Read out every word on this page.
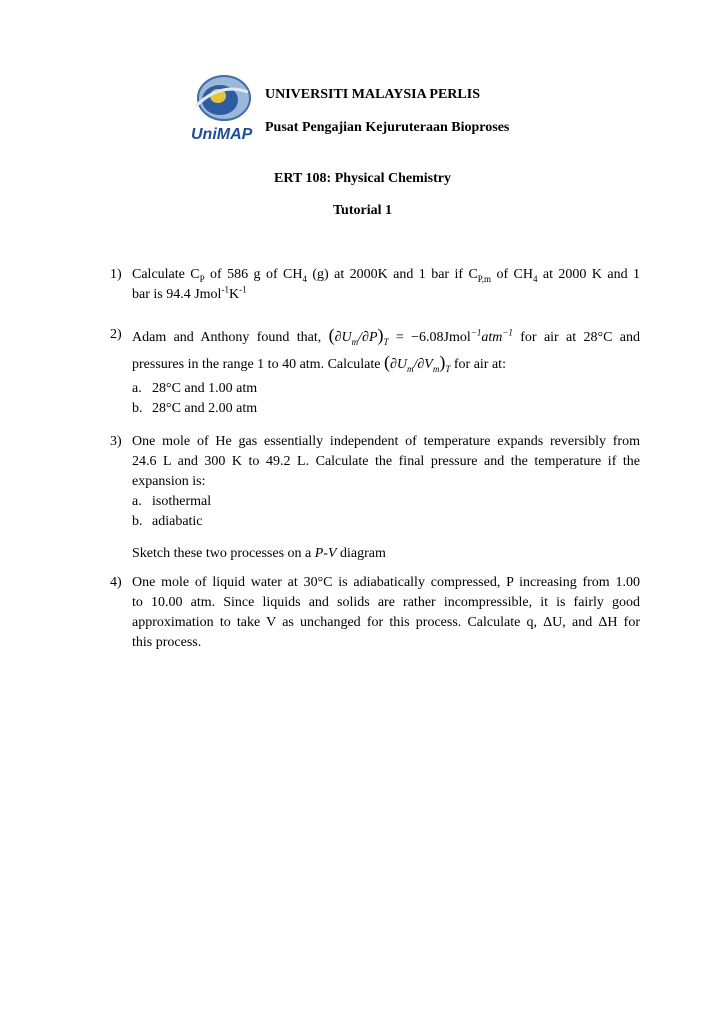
UniMAP
UNIVERSITI MALAYSIA PERLIS
Pusat Pengajian Kejuruteraan Bioproses
ERT 108: Physical Chemistry
Tutorial 1
1) Calculate $C_P$ of 586 g of $CH_4$ (g) at 2000K and 1 bar if $C_{P,m}$ of $CH_4$ at 2000 K and 1
bar is 94.4 $Jmol^{-1}K^{-1}$
2) Adam and Anthony found that, $(\partial U_m/\partial P)_T$ = −6.08Jmol$^{-1}$atm$^{-1}$ for air at 28°C and
pressures in the range 1 to 40 atm. Calculate $(\partial U_m/\partial V_m)_T$ for air at:
a. 28°C and 1.00 atm
b. 28°C and 2.00 atm
3) One mole of He gas essentially independent of temperature expands reversibly from
24.6 L and 300 K to 49.2 L. Calculate the final pressure and the temperature if the
expansion is:
a. isothermal
b. adiabatic
Sketch these two processes on a P-V diagram
4) One mole of liquid water at 30°C is adiabatically compressed, P increasing from 1.00
to 10.00 atm. Since liquids and solids are rather incompressible, it is fairly good
approximation to take V as unchanged for this process. Calculate q, ΔU, and ΔH for
this process.
